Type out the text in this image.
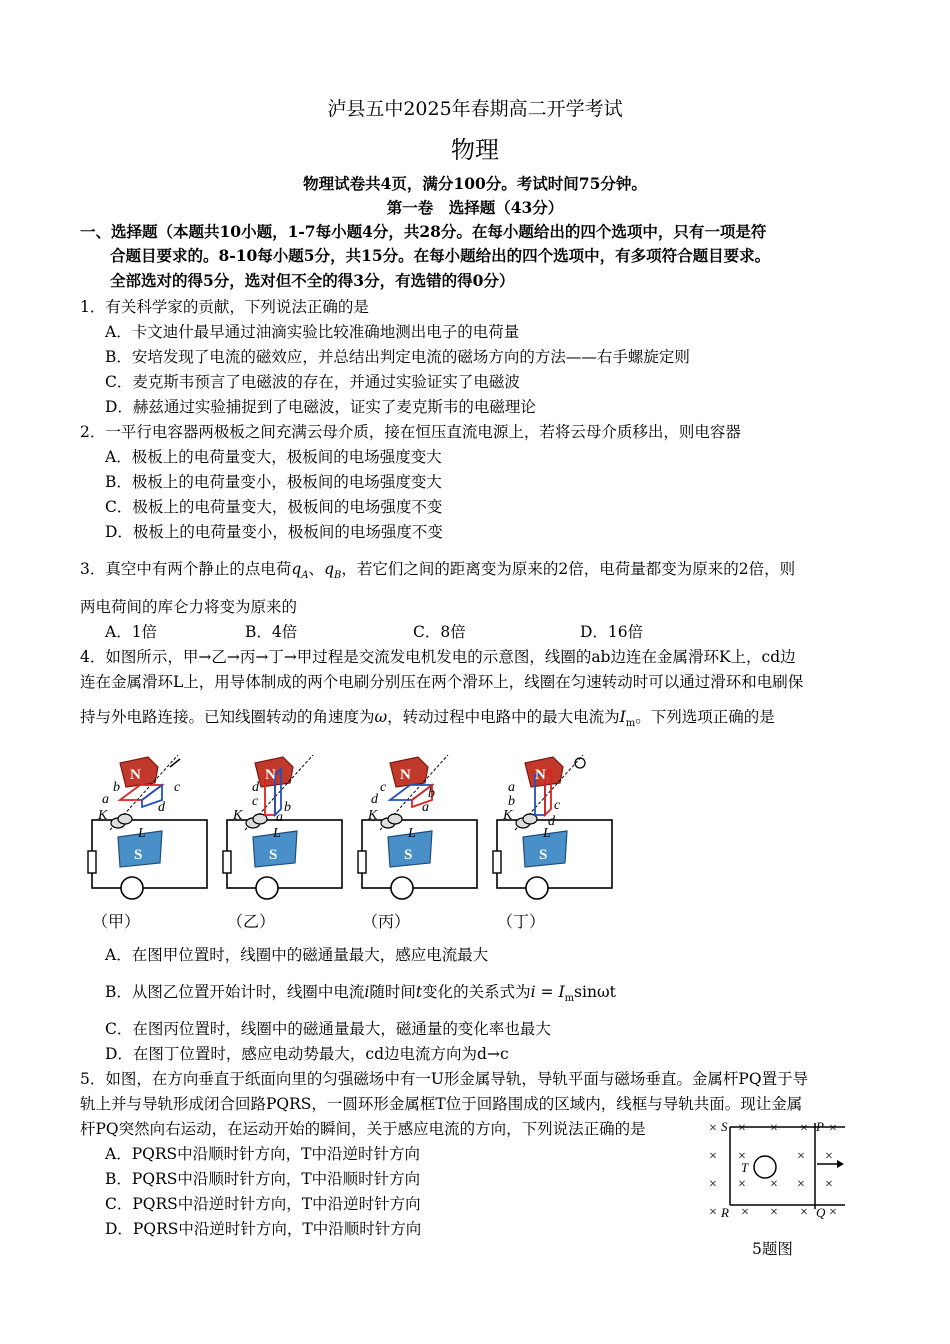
泸县五中2025年春期高二开学考试
物理
物理试卷共4页，满分100分。考试时间75分钟。
第一卷　选择题（43分）
一、选择题（本题共10小题，1-7每小题4分，共28分。在每小题给出的四个选项中，只有一项是符
合题目要求的。8-10每小题5分，共15分。在每小题给出的四个选项中，有多项符合题目要求。
全部选对的得5分，选对但不全的得3分，有选错的得0分）
1．有关科学家的贡献，下列说法正确的是
A．卡文迪什最早通过油滴实验比较准确地测出电子的电荷量
B．安培发现了电流的磁效应，并总结出判定电流的磁场方向的方法——右手螺旋定则
C．麦克斯韦预言了电磁波的存在，并通过实验证实了电磁波
D．赫兹通过实验捕捉到了电磁波，证实了麦克斯韦的电磁理论
2．一平行电容器两极板之间充满云母介质，接在恒压直流电源上，若将云母介质移出，则电容器
A．极板上的电荷量变大，极板间的电场强度变大
B．极板上的电荷量变小，极板间的电场强度变大
C．极板上的电荷量变大，极板间的电场强度不变
D．极板上的电荷量变小，极板间的电场强度不变
3．真空中有两个静止的点电荷$q_A$、$q_B$，若它们之间的距离变为原来的2倍，电荷量都变为原来的2倍，则
两电荷间的库仑力将变为原来的
A．1倍	B．4倍	C．8倍	D．16倍
4．如图所示，甲→乙→丙→丁→甲过程是交流发电机发电的示意图，线圈的ab边连在金属滑环K上，cd边
连在金属滑环L上，用导体制成的两个电刷分别压在两个滑环上，线圈在匀速转动时可以通过滑环和电刷保
持与外电路连接。已知线圈转动的角速度为ω，转动过程中电路中的最大电流为$I_m$。下列选项正确的是
N	N	N	N
S	S	S	S
K	K	K	K
L	L	L	L
a
b	c
d
d
c b
a
c
d	b
a
a
b	c
d
（甲）	（乙）	（丙）	（丁）
A．在图甲位置时，线圈中的磁通量最大，感应电流最大
B．从图乙位置开始计时，线圈中电流i随时间t变化的关系式为$i = I_m\sin\omega t$
C．在图丙位置时，线圈中的磁通量最大，磁通量的变化率也最大
D．在图丁位置时，感应电动势最大，cd边电流方向为d→c
5．如图，在方向垂直于纸面向里的匀强磁场中有一U形金属导轨，导轨平面与磁场垂直。金属杆PQ置于导
轨上并与导轨形成闭合回路PQRS，一圆环形金属框T位于回路围成的区域内，线框与导轨共面。现让金属
杆PQ突然向右运动，在运动开始的瞬间，关于感应电流的方向，下列说法正确的是
A．PQRS中沿顺时针方向，T中沿逆时针方向
B．PQRS中沿顺时针方向，T中沿顺时针方向
C．PQRS中沿逆时针方向，T中沿逆时针方向
D．PQRS中沿逆时针方向，T中沿顺时针方向
× × × × ×
× ×	× ×
× × × × ×
× × × × ×
S	P
R	Q
T
5题图
